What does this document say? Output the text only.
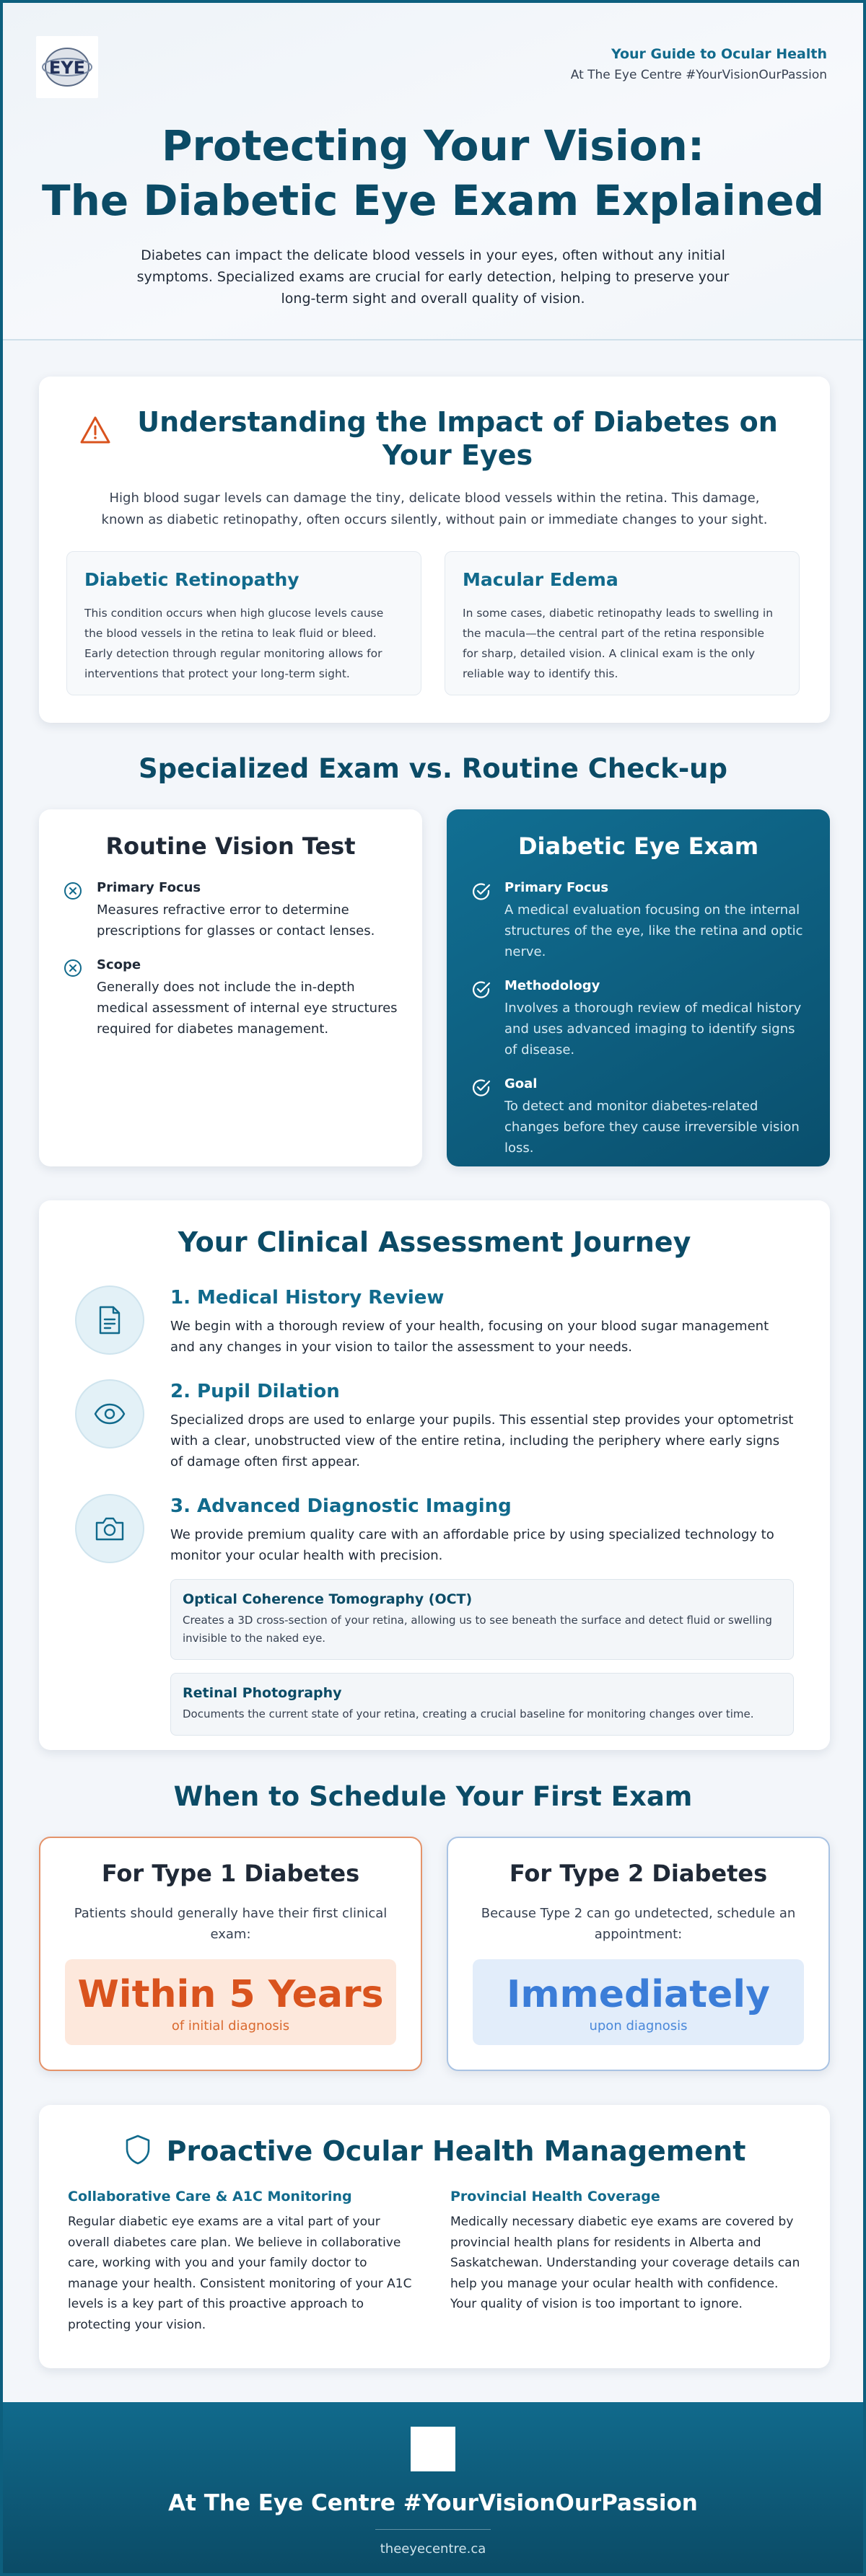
EYE
Your Guide to Ocular Health
At The Eye Centre #YourVisionOurPassion
Protecting Your Vision:
The Diabetic Eye Exam Explained
Diabetes can impact the delicate blood vessels in your eyes, often without any initial symptoms. Specialized exams are crucial for early detection, helping to preserve your long-term sight and overall quality of vision.
Understanding the Impact of Diabetes on Your Eyes
High blood sugar levels can damage the tiny, delicate blood vessels within the retina. This damage, known as diabetic retinopathy, often occurs silently, without pain or immediate changes to your sight.
Diabetic Retinopathy

This condition occurs when high glucose levels cause the blood vessels in the retina to leak fluid or bleed. Early detection through regular monitoring allows for interventions that protect your long-term sight.

Macular Edema

In some cases, diabetic retinopathy leads to swelling in the macula—the central part of the retina responsible for sharp, detailed vision. A clinical exam is the only reliable way to identify this.

Specialized Exam vs. Routine Check-up
Routine Vision Test
Primary Focus
Measures refractive error to determine prescriptions for glasses or contact lenses.
Scope
Generally does not include the in-depth medical assessment of internal eye structures required for diabetes management.
Diabetic Eye Exam
Primary Focus
A medical evaluation focusing on the internal structures of the eye, like the retina and optic nerve.
Methodology
Involves a thorough review of medical history and uses advanced imaging to identify signs of disease.
Goal
To detect and monitor diabetes-related changes before they cause irreversible vision loss.
Your Clinical Assessment Journey
1. Medical History Review
We begin with a thorough review of your health, focusing on your blood sugar management and any changes in your vision to tailor the assessment to your needs.
2. Pupil Dilation
Specialized drops are used to enlarge your pupils. This essential step provides your optometrist with a clear, unobstructed view of the entire retina, including the periphery where early signs of damage often first appear.
3. Advanced Diagnostic Imaging
We provide premium quality care with an affordable price by using specialized technology to monitor your ocular health with precision.
Optical Coherence Tomography (OCT)
Creates a 3D cross-section of your retina, allowing us to see beneath the surface and detect fluid or swelling invisible to the naked eye.
Retinal Photography
Documents the current state of your retina, creating a crucial baseline for monitoring changes over time.
When to Schedule Your First Exam
For Type 1 Diabetes
Patients should generally have their first clinical exam:
Within 5 Years
of initial diagnosis
For Type 2 Diabetes
Because Type 2 can go undetected, schedule an appointment:
Immediately
upon diagnosis
Proactive Ocular Health Management
Collaborative Care & A1C Monitoring

Regular diabetic eye exams are a vital part of your overall diabetes care plan. We believe in collaborative care, working with you and your family doctor to manage your health. Consistent monitoring of your A1C levels is a key part of this proactive approach to protecting your vision.

Provincial Health Coverage

Medically necessary diabetic eye exams are covered by provincial health plans for residents in Alberta and Saskatchewan. Understanding your coverage details can help you manage your ocular health with confidence. Your quality of vision is too important to ignore.

At The Eye Centre #YourVisionOurPassion
theeyecentre.ca
